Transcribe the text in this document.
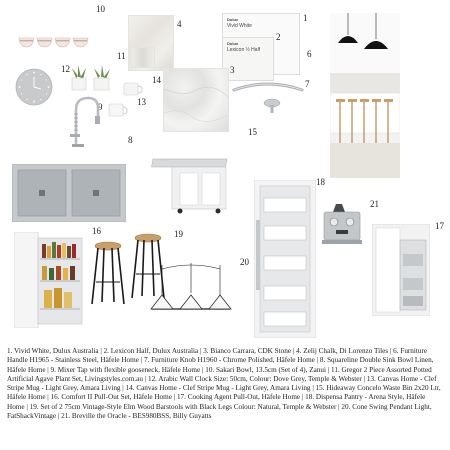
10
4
11
Dulux
Vivid White
Dulux
Lexicon ½ Half
1
2
6
12
14
13
9
3
7
8
15
18
21
17
16	19
20

1. Vivid White, Dulux Australia | 2. Lexicon Half, Dulux Australia | 3. Bianco Carrara, CDK Stone | 4. Zelij Chalk, Di Lorenzo Tiles | 6. Furniture Handle H1965 - Stainless Steel, Häfele Home | 7. Furniture Knob H1960 - Chrome Polished, Häfele Home | 8. Squareline Double Sink Bowl Linen, Häfele Home | 9. Mixer Tap with flexible gooseneck, Häfele Home | 10. Sakari Bowl, 13.5cm (Set of 4), Zanui | 11. Gregor 2 Piece Assorted Potted Artificial Agave Plant Set, Livingstyles.com.au | 12. Arabic Wall Clock Size: 50cm, Colour: Dove Grey, Temple & Webster | 13. Canvas Home - Clef Stripe Mug - Light Grey, Amara Living | 14. Canvas Home - Clef Stripe Mug - Light Grey, Amara Living | 15. Hideaway Concelo Waste Bin 2x20 Ltr, Häfele Home | 16. Comfort II Pull-Out Set, Häfele Home | 17. Cooking Agent Pull-Out, Häfele Home | 18. Dispensa Pantry - Arena Style, Häfele Home | 19. Set of 2 75cm Vintage-Style Elm Wood Barstools with Black Legs Colour: Natural, Temple & Webster | 20. Cone Swing Pendant Light, FatShackVintage | 21. Breville the Oracle - BES980BSS, Billy Guyatts
